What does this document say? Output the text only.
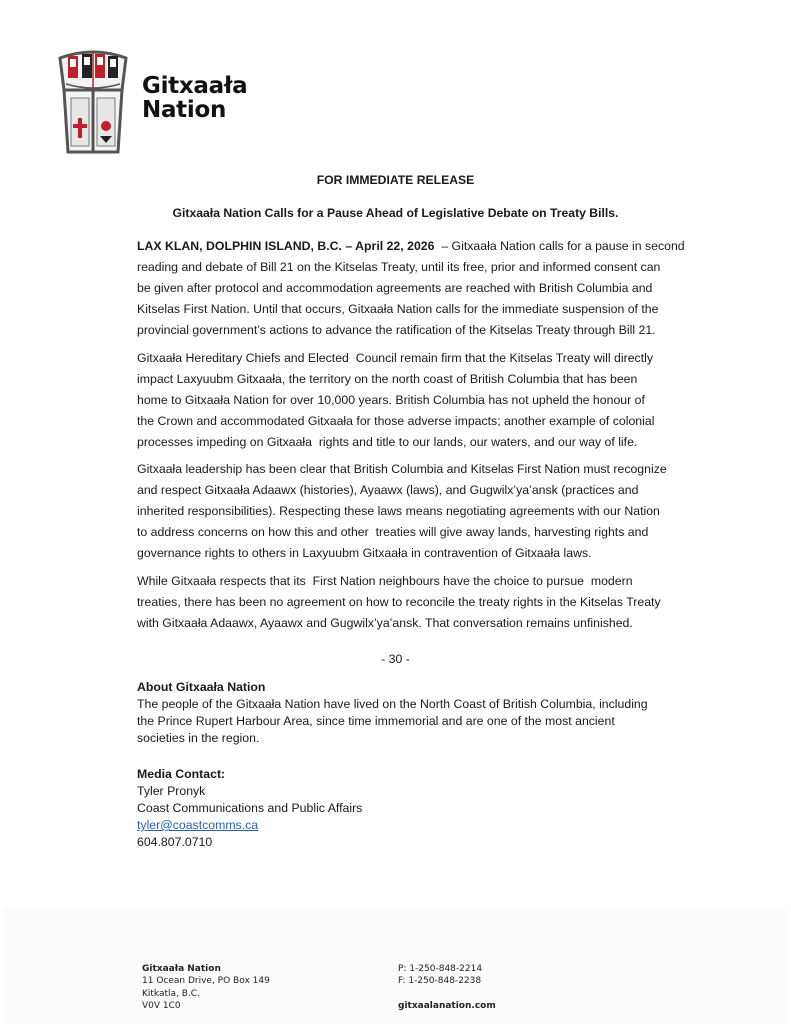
Gitxaała
Nation
FOR IMMEDIATE RELEASE
Gitxaała Nation Calls for a Pause Ahead of Legislative Debate on Treaty Bills.
LAX KLAN, DOLPHIN ISLAND, B.C. – April 22, 2026  – Gitxaała Nation calls for a pause in second
reading and debate of Bill 21 on the Kitselas Treaty, until its free, prior and informed consent can
be given after protocol and accommodation agreements are reached with British Columbia and
Kitselas First Nation. Until that occurs, Gitxaała Nation calls for the immediate suspension of the
provincial government’s actions to advance the ratification of the Kitselas Treaty through Bill 21.
Gitxaała Hereditary Chiefs and Elected  Council remain firm that the Kitselas Treaty will directly
impact Laxyuubm Gitxaała, the territory on the north coast of British Columbia that has been
home to Gitxaała Nation for over 10,000 years. British Columbia has not upheld the honour of
the Crown and accommodated Gitxaała for those adverse impacts; another example of colonial
processes impeding on Gitxaała  rights and title to our lands, our waters, and our way of life.
Gitxaała leadership has been clear that British Columbia and Kitselas First Nation must recognize
and respect Gitxaała Adaawx (histories), Ayaawx (laws), and Gugwilx’ya’ansk (practices and
inherited responsibilities). Respecting these laws means negotiating agreements with our Nation
to address concerns on how this and other  treaties will give away lands, harvesting rights and
governance rights to others in Laxyuubm Gitxaała in contravention of Gitxaała laws.
While Gitxaała respects that its  First Nation neighbours have the choice to pursue  modern
treaties, there has been no agreement on how to reconcile the treaty rights in the Kitselas Treaty
with Gitxaała Adaawx, Ayaawx and Gugwilx’ya’ansk. That conversation remains unfinished.
- 30 -
About Gitxaała Nation
The people of the Gitxaała Nation have lived on the North Coast of British Columbia, including
the Prince Rupert Harbour Area, since time immemorial and are one of the most ancient
societies in the region.
Media Contact:
Tyler Pronyk
Coast Communications and Public Affairs
tyler@coastcomms.ca
604.807.0710
Gitxaała Nation
11 Ocean Drive, PO Box 149
Kitkatla, B.C.
V0V 1C0
P: 1-250-848-2214
F: 1-250-848-2238
gitxaalanation.com
